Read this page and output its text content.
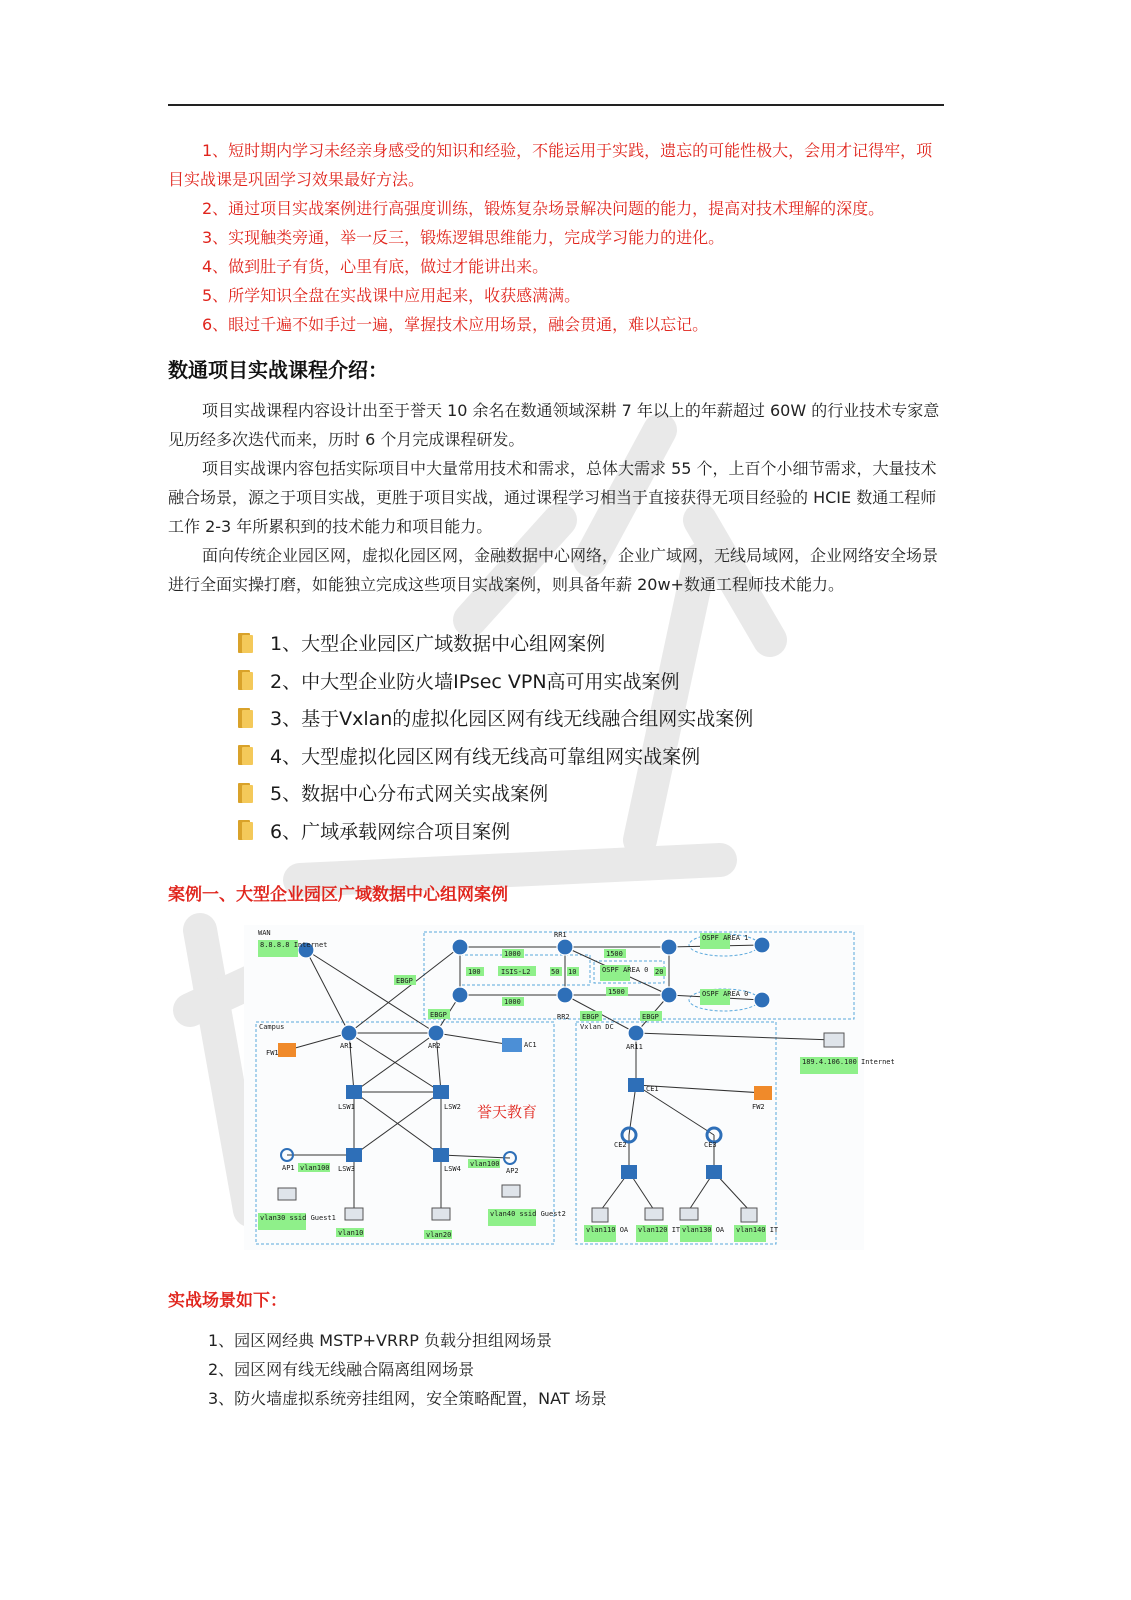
1、短时期内学习未经亲身感受的知识和经验，不能运用于实践，遗忘的可能性极大，会用才记得牢，项目实战课是巩固学习效果最好方法。
2、通过项目实战案例进行高强度训练，锻炼复杂场景解决问题的能力，提高对技术理解的深度。
3、实现触类旁通，举一反三，锻炼逻辑思维能力，完成学习能力的进化。
4、做到肚子有货，心里有底，做过才能讲出来。
5、所学知识全盘在实战课中应用起来，收获感满满。
6、眼过千遍不如手过一遍，掌握技术应用场景，融会贯通，难以忘记。
数通项目实战课程介绍：
项目实战课程内容设计出至于誉天 10 余名在数通领域深耕 7 年以上的年薪超过 60W 的行业技术专家意见历经多次迭代而来，历时 6 个月完成课程研发。
项目实战课内容包括实际项目中大量常用技术和需求，总体大需求 55 个，上百个小细节需求，大量技术融合场景，源之于项目实战，更胜于项目实战，通过课程学习相当于直接获得无项目经验的 HCIE 数通工程师工作 2-3 年所累积到的技术能力和项目能力。
面向传统企业园区网，虚拟化园区网，金融数据中心网络，企业广域网，无线局域网，企业网络安全场景进行全面实操打磨，如能独立完成这些项目实战案例，则具备年薪 20w+数通工程师技术能力。
1、大型企业园区广域数据中心组网案例
2、中大型企业防火墙IPsec VPN高可用实战案例
3、基于Vxlan的虚拟化园区网有线无线融合组网实战案例
4、大型虚拟化园区网有线无线高可靠组网实战案例
5、数据中心分布式网关实战案例
6、广域承载网综合项目案例
案例一、大型企业园区广域数据中心组网案例
WAN	RR1
RR2
Campus	Vxlan DC
AR1	AR2	AR11
FW1
FW2
AC1
LSW1	LSW2
LSW3	LSW4
CE1
CE2	CE3
AP1	AP2
8.8.8.8 Internet
189.4.106.100 Internet
EBGP
EBGP	EBGP	EBGP
ISIS-L2
1000
1000
1500
1500
100	50 10	20
OSPF AREA 0
OSPF AREA 1
OSPF AREA 0
vlan100	vlan100
vlan30 ssid Guest1	vlan40 ssid Guest2
vlan10	vlan20
vlan110 OA vlan120 IT vlan130 OA vlan140 IT
誉天教育
实战场景如下：
1、园区网经典 MSTP+VRRP 负载分担组网场景
2、园区网有线无线融合隔离组网场景
3、防火墙虚拟系统旁挂组网，安全策略配置，NAT 场景
